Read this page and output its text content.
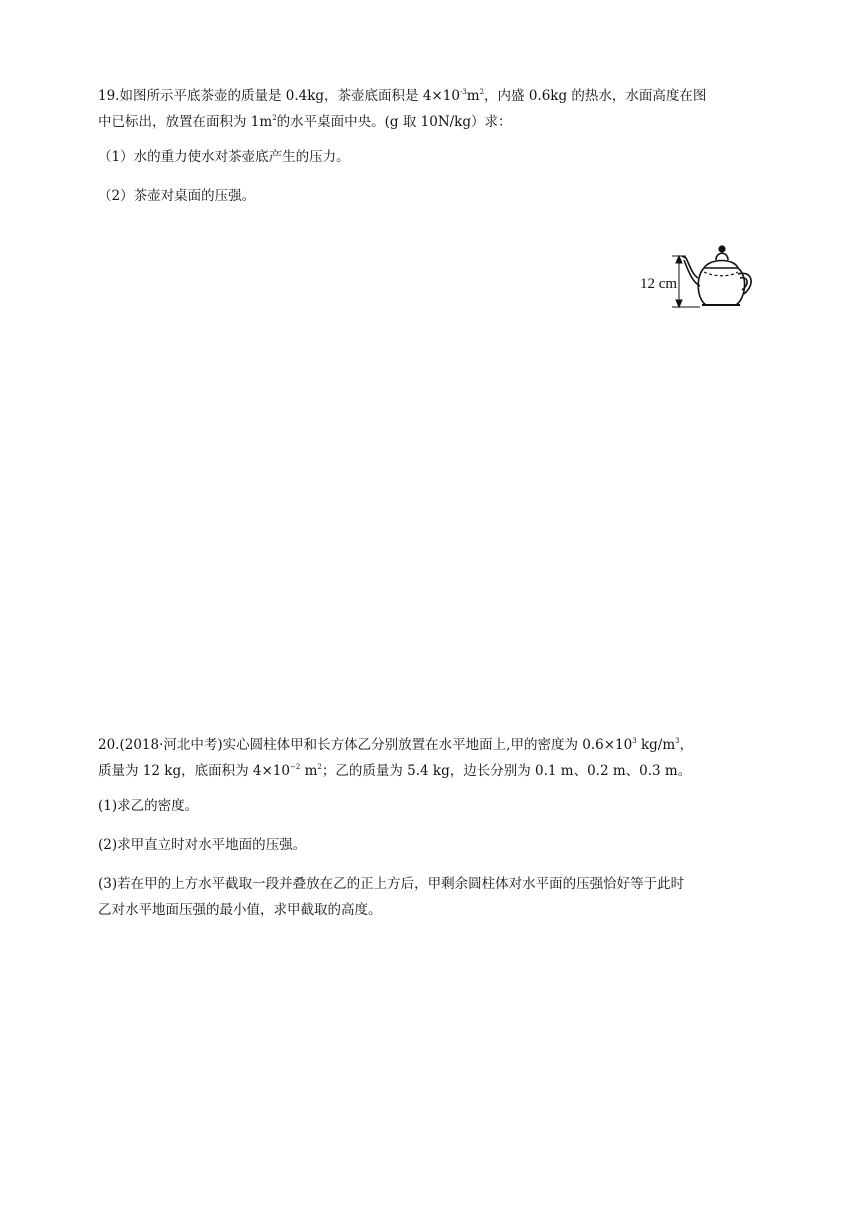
19.如图所示平底茶壶的质量是 0.4kg，茶壶底面积是 $4\times 10^{-3}m^2$，内盛 0.6kg 的热水，水面高度在图
中已标出，放置在面积为 $1m^2$的水平桌面中央。(g 取 10N/kg）求：
（1）水的重力使水对茶壶底产生的压力。
（2）茶壶对桌面的压强。
12 cm
20.(2018·河北中考)实心圆柱体甲和长方体乙分别放置在水平地面上,甲的密度为 $0.6\times 10^3$ $kg/m^3$，
质量为 12 kg，底面积为 $4\times 10^{-2}$ $m^2$；乙的质量为 5.4 kg，边长分别为 0.1 m、0.2 m、0.3 m。
(1)求乙的密度。
(2)求甲直立时对水平地面的压强。
(3)若在甲的上方水平截取一段并叠放在乙的正上方后，甲剩余圆柱体对水平面的压强恰好等于此时
乙对水平地面压强的最小值，求甲截取的高度。
